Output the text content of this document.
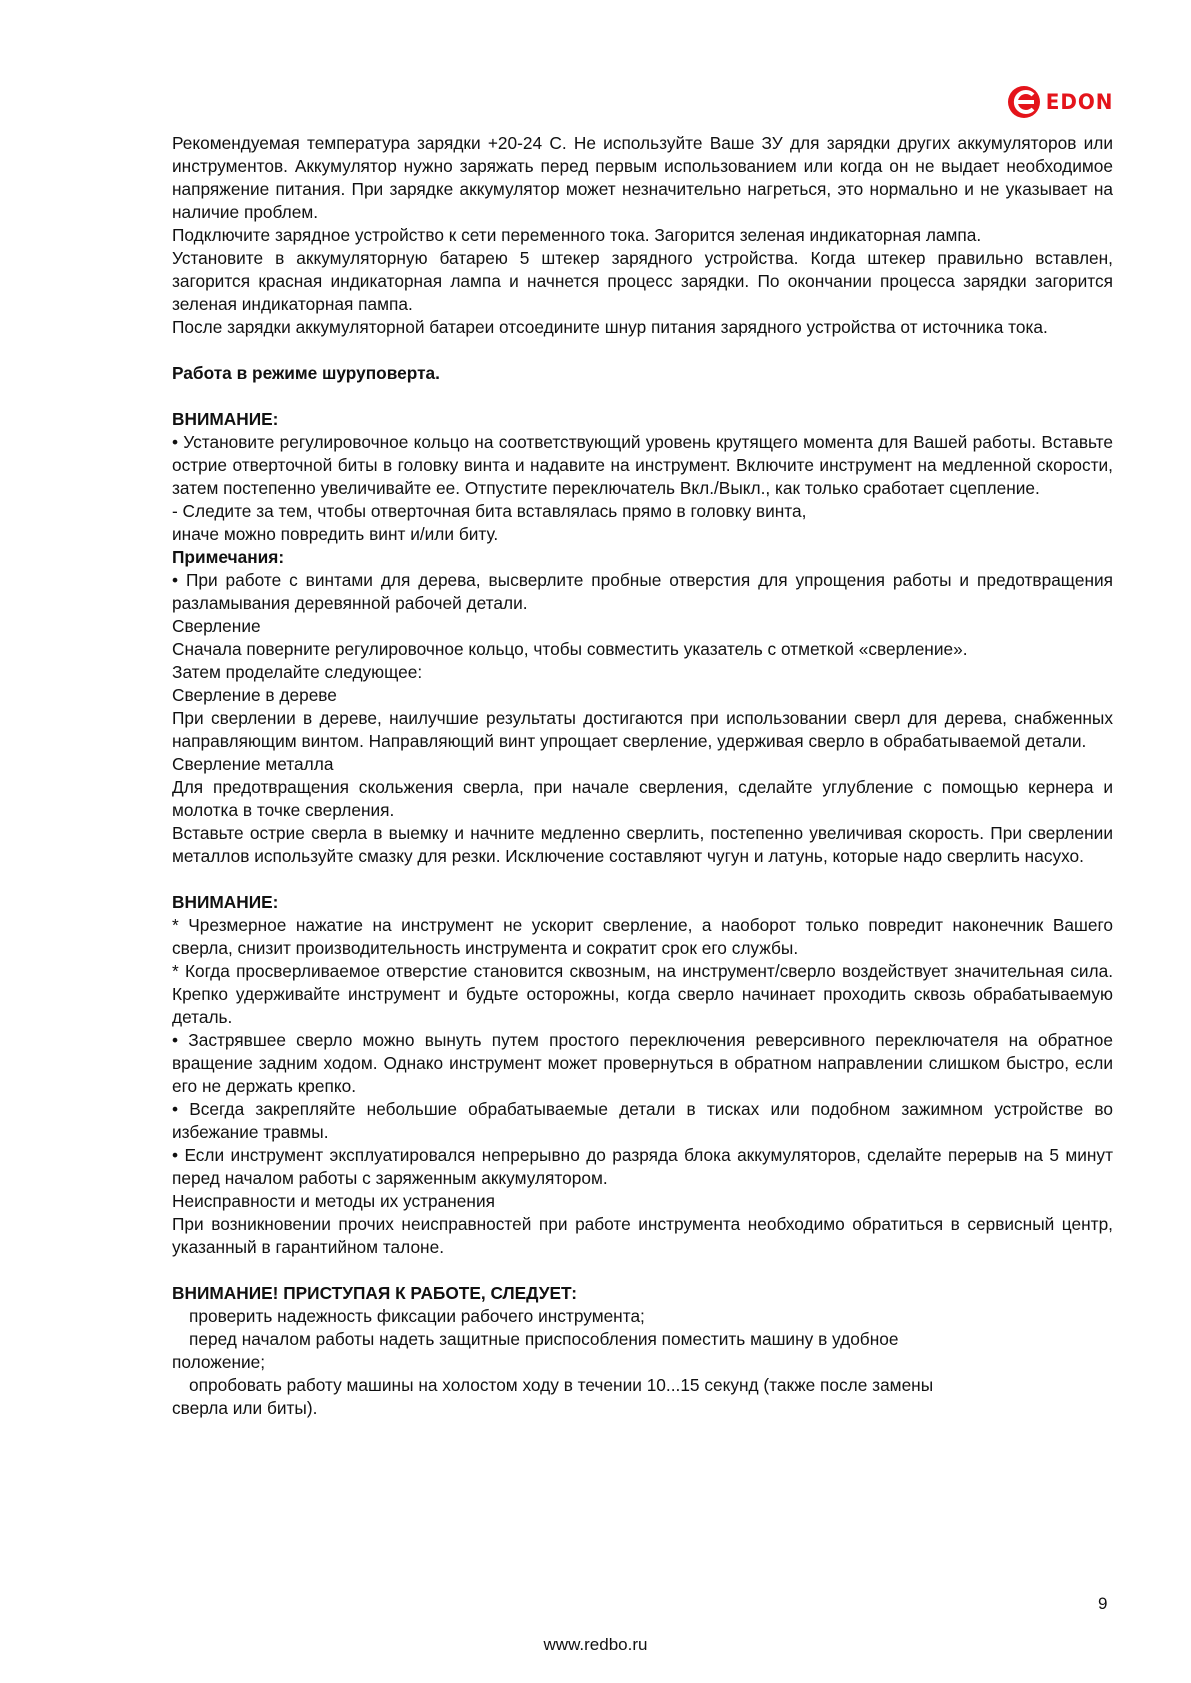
EDON

Рекомендуемая температура зарядки +20-24 С. Не используйте Ваше ЗУ для зарядки других аккумуляторов или инструментов. Аккумулятор нужно заряжать перед первым использованием или когда он не выдает необходимое напряжение питания. При зарядке аккумулятор может незначительно нагреться, это нормально и не указывает на наличие проблем.

Подключите зарядное устройство к сети переменного тока. Загорится зеленая индикаторная лампа.

Установите в аккумуляторную батарею 5 штекер зарядного устройства. Когда штекер правильно вставлен, загорится красная индикаторная лампа и начнется процесс зарядки. По окончании процесса зарядки загорится зеленая индикаторная пампа.

После зарядки аккумуляторной батареи отсоедините шнур питания зарядного устройства от источника тока.

Работа в режиме шуруповерта.

ВНИМАНИЕ:

• Установите регулировочное кольцо на соответствующий уровень крутящего момента для Вашей работы. Вставьте острие отверточной биты в головку винта и надавите на инструмент. Включите инструмент на медленной скорости, затем постепенно увеличивайте ее. Отпустите переключатель Вкл./Выкл., как только сработает сцепление.

- Следите за тем, чтобы отверточная бита вставлялась прямо в головку винта,

иначе можно повредить винт и/или биту.

Примечания:

• При работе с винтами для дерева, высверлите пробные отверстия для упрощения работы и предотвращения разламывания деревянной рабочей детали.

Сверление

Сначала поверните регулировочное кольцо, чтобы совместить указатель с отметкой «сверление».

Затем проделайте следующее:

Сверление в дереве

При сверлении в дереве, наилучшие результаты достигаются при использовании сверл для дерева, снабженных направляющим винтом. Направляющий винт упрощает сверление, удерживая сверло в обрабатываемой детали.

Сверление металла

Для предотвращения скольжения сверла, при начале сверления, сделайте углубление с помощью кернера и молотка в точке сверления.

Вставьте острие сверла в выемку и начните медленно сверлить, постепенно увеличивая скорость. При сверлении металлов используйте смазку для резки. Исключение составляют чугун и латунь, которые надо сверлить насухо.

ВНИМАНИЕ:

* Чрезмерное нажатие на инструмент не ускорит сверление, а наоборот только повредит наконечник Вашего сверла, снизит производительность инструмента и сократит срок его службы.

* Когда просверливаемое отверстие становится сквозным, на инструмент/сверло воздействует значительная сила. Крепко удерживайте инструмент и будьте осторожны, когда сверло начинает проходить сквозь обрабатываемую деталь.

• Застрявшее сверло можно вынуть путем простого переключения реверсивного переключателя на обратное вращение задним ходом. Однако инструмент может провернуться в обратном направлении слишком быстро, если его не держать крепко.

• Всегда закрепляйте небольшие обрабатываемые детали в тисках или подобном зажимном устройстве во избежание травмы.

• Если инструмент эксплуатировался непрерывно до разряда блока аккумуляторов, сделайте перерыв на 5 минут перед началом работы с заряженным аккумулятором.

Неисправности и методы их устранения

При возникновении прочих неисправностей при работе инструмента необходимо обратиться в сервисный центр, указанный в гарантийном талоне.

ВНИМАНИЕ! ПРИСТУПАЯ К РАБОТЕ, СЛЕДУЕТ:

проверить надежность фиксации рабочего инструмента;

перед началом работы надеть защитные приспособления поместить машину в удобное

положение;

опробовать работу машины на холостом ходу в течении 10...15 секунд (также после замены

сверла или биты).

9
www.redbo.ru
